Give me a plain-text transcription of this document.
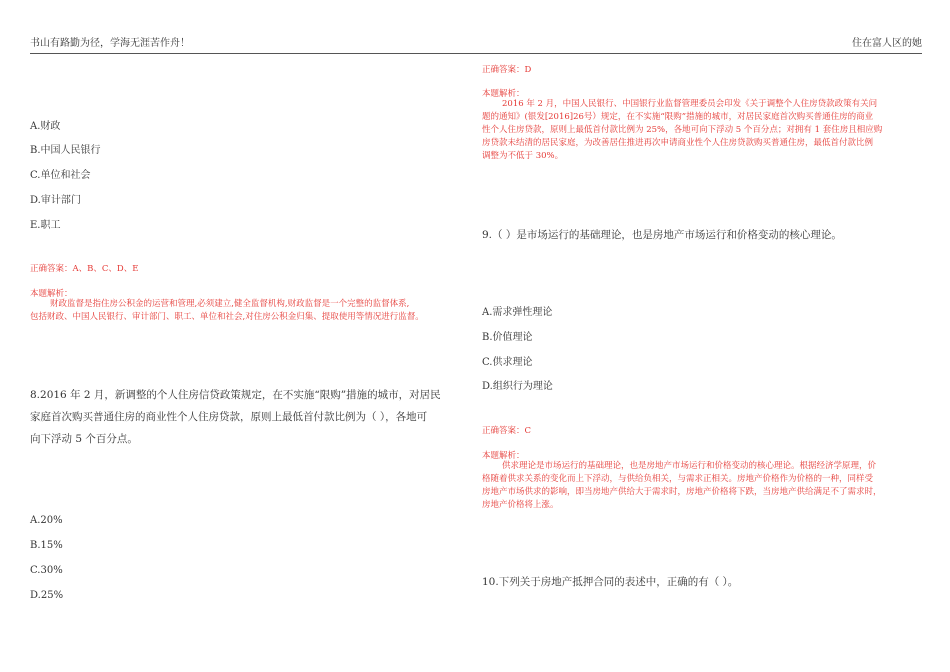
书山有路勤为径，学海无涯苦作舟！	住在富人区的她
A.财政
B.中国人民银行
C.单位和社会
D.审计部门
E.职工
正确答案：A、B、C、D、E
本题解析：
财政监督是指住房公积金的运营和管理,必须建立,健全监督机构,财政监督是一个完整的监督体系,
包括财政、中国人民银行、审计部门、职工、单位和社会,对住房公积金归集、提取使用等情况进行监督。
8.2016 年 2 月，新调整的个人住房信贷政策规定，在不实施“限购”措施的城市，对居民
家庭首次购买普通住房的商业性个人住房贷款，原则上最低首付款比例为（ ），各地可
向下浮动 5 个百分点。
A.20%
B.15%
C.30%
D.25%
正确答案：D
本题解析：
2016 年 2 月，中国人民银行、中国银行业监督管理委员会印发《关于调整个人住房贷款政策有关问
题的通知》(银发[2016]26号）规定，在不实施“限购”措施的城市，对居民家庭首次购买普通住房的商业
性个人住房贷款，原则上最低首付款比例为 25%，各地可向下浮动 5 个百分点；对拥有 1 套住房且相应购
房贷款未结清的居民家庭，为改善居住推进再次申请商业性个人住房贷款购买普通住房，最低首付款比例
调整为不低于 30%。
9.（ ）是市场运行的基础理论，也是房地产市场运行和价格变动的核心理论。
A.需求弹性理论
B.价值理论
C.供求理论
D.组织行为理论
正确答案：C
本题解析：
供求理论是市场运行的基础理论，也是房地产市场运行和价格变动的核心理论。根据经济学原理，价
格随着供求关系的变化而上下浮动，与供给负相关，与需求正相关。房地产价格作为价格的一种，同样受
房地产市场供求的影响，即当房地产供给大于需求时，房地产价格将下跌，当房地产供给满足不了需求时，
房地产价格将上涨。
10.下列关于房地产抵押合同的表述中，正确的有（ ）。
